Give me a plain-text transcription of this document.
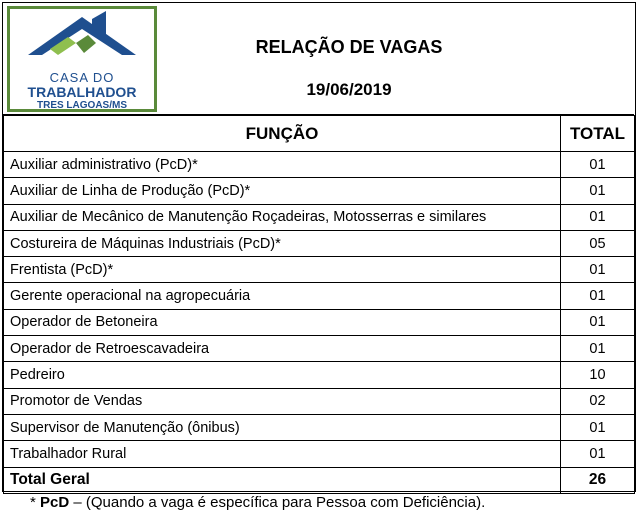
CASA DO
TRABALHADOR
TRES LAGOAS/MS
RELAÇÃO DE VAGAS
19/06/2019
FUNÇÃO	TOTAL
Auxiliar administrativo (PcD)*	01
Auxiliar de Linha de Produção (PcD)*	01
Auxiliar de Mecânico de Manutenção Roçadeiras, Motosserras e similares	01
Costureira de Máquinas Industriais (PcD)*	05
Frentista (PcD)*	01
Gerente operacional na agropecuária	01
Operador de Betoneira	01
Operador de Retroescavadeira	01
Pedreiro	10
Promotor de Vendas	02
Supervisor de Manutenção (ônibus)	01
Trabalhador Rural	01
Total Geral	26
* PcD – (Quando a vaga é específica para Pessoa com Deficiência).
